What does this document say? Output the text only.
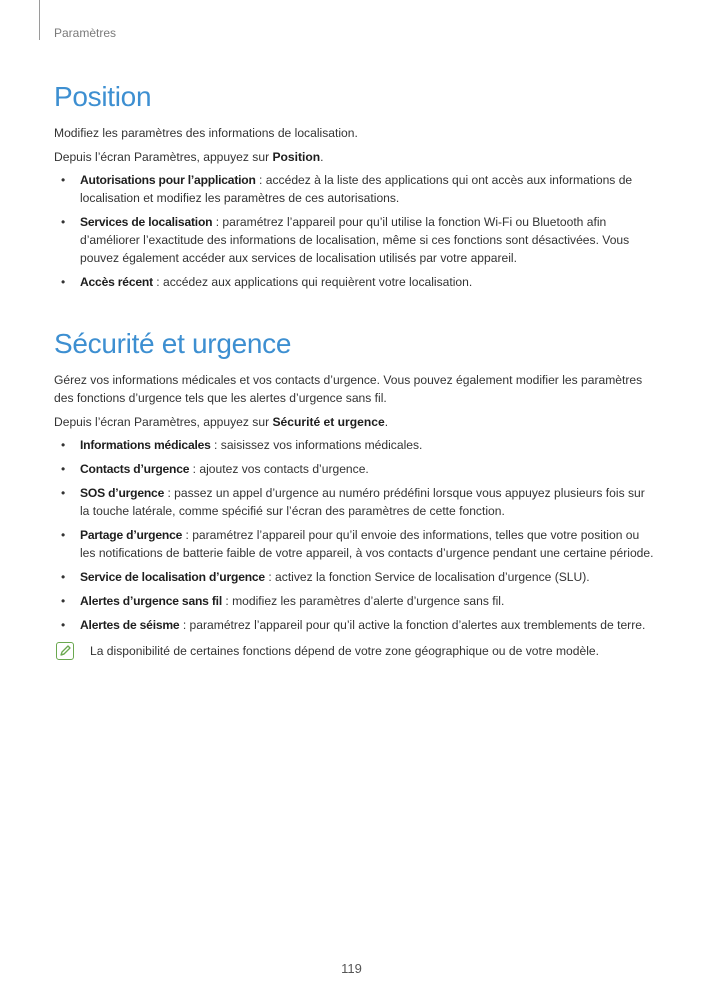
Paramètres
Position

Modifiez les paramètres des informations de localisation.

Depuis l’écran Paramètres, appuyez sur Position.

• Autorisations pour l’application : accédez à la liste des applications qui ont accès aux informations de localisation et modifiez les paramètres de ces autorisations.
• Services de localisation : paramétrez l’appareil pour qu’il utilise la fonction Wi-Fi ou Bluetooth afin d’améliorer l’exactitude des informations de localisation, même si ces fonctions sont désactivées. Vous pouvez également accéder aux services de localisation utilisés par votre appareil.
• Accès récent : accédez aux applications qui requièrent votre localisation.
Sécurité et urgence

Gérez vos informations médicales et vos contacts d’urgence. Vous pouvez également modifier les paramètres des fonctions d’urgence tels que les alertes d’urgence sans fil.

Depuis l’écran Paramètres, appuyez sur Sécurité et urgence.

• Informations médicales : saisissez vos informations médicales.
• Contacts d’urgence : ajoutez vos contacts d’urgence.
• SOS d’urgence : passez un appel d’urgence au numéro prédéfini lorsque vous appuyez plusieurs fois sur la touche latérale, comme spécifié sur l’écran des paramètres de cette fonction.
• Partage d’urgence : paramétrez l’appareil pour qu’il envoie des informations, telles que votre position ou les notifications de batterie faible de votre appareil, à vos contacts d’urgence pendant une certaine période.
• Service de localisation d’urgence : activez la fonction Service de localisation d’urgence (SLU).
• Alertes d’urgence sans fil : modifiez les paramètres d’alerte d’urgence sans fil.
• Alertes de séisme : paramétrez l’appareil pour qu’il active la fonction d’alertes aux tremblements de terre.
La disponibilité de certaines fonctions dépend de votre zone géographique ou de votre modèle.
119
